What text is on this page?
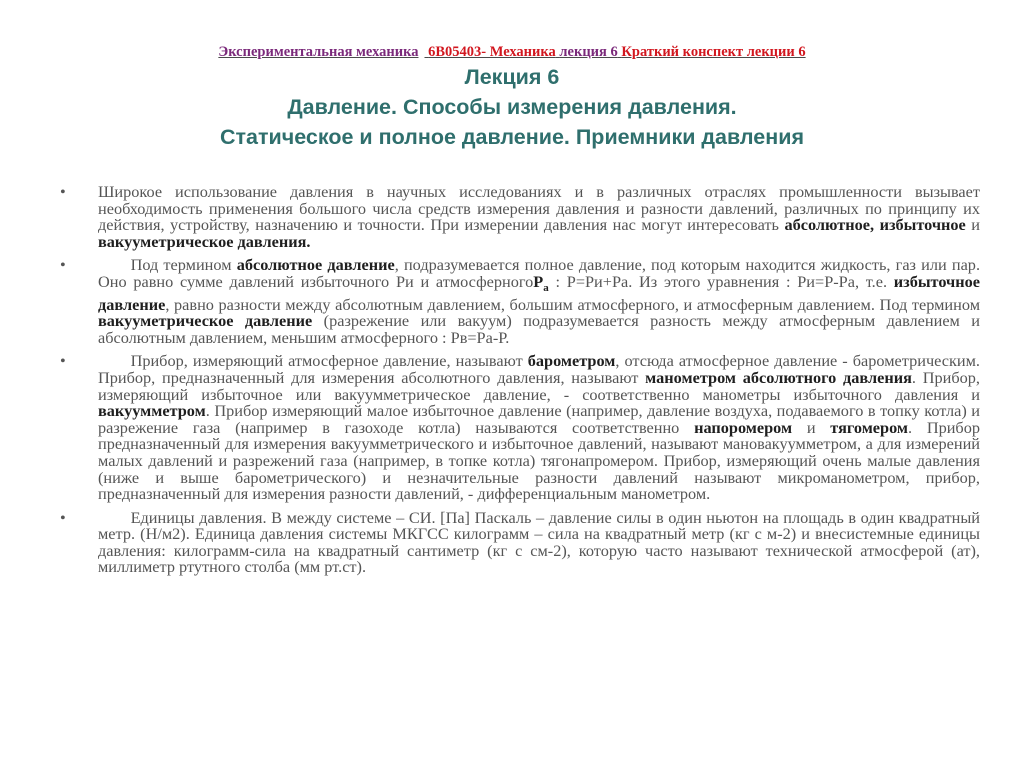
Экспериментальная механика 6В05403- Механика лекция 6 Краткий конспект лекции 6
Лекция 6
Давление. Способы измерения давления.
Статическое и полное давление. Приемники давления
•	Широкое использование давления в научных исследованиях и в различных отраслях промышленности вызывает необходимость применения большого числа средств измерения давления и разности давлений, различных по принципу их действия, устройству, назначению и точности. При измерении давления нас могут интересовать абсолютное, избыточное и вакуумeтрическое давления.
•
  	Под термином абсолютное давление, подразумевается полное давление, под которым находится жидкость, газ или пар. Оно равно сумме давлений избыточного Ри и атмосферногоP$_а$ : Р=Ри+Ра. Из этого уравнения : Ри=Р-Ра, т.е. избыточное давление, равно разности между абсолютным давлением, большим атмосферного, и атмосферным давлением. Под термином вакуумeтрическое давление (разрежение или вакуум) подразумевается разность между атмосферным давлением и абсолютным давлением, меньшим атмосферного : Рв=Ра-Р.
•
  	Прибор, измеряющий атмосферное давление, называют барометром, отсюда атмосферное давление - барометрическим. Прибор, предназначенный для измерения абсолютного давления, называют манометром абсолютного давления. Прибор, измеряющий избыточное или вакуумметрическое давление, - соответственно манометры избыточного давления и вакуумметром. Прибор измеряющий малое избыточное давление (например, давление воздуха, подаваемого в топку котла) и разрежение газа (например в газоходе котла) называются соответственно напоромером и тягомером. Прибор предназначенный для измерения вакуумметрического и избыточное давлений, называют мановакуумметром, а для измерений малых давлений и разрежений газа (например, в топке котла) тягонапромером. Прибор, измеряющий очень малые давления (ниже и выше барометрического) и незначительные разности давлений называют микроманометром, прибор, предназначенный для измерения разности давлений, - дифференциальным манометром.
•
  	Единицы давления. В между системе – СИ. [Па] Паскаль – давление силы в один ньютон на площадь в один квадратный метр. (Н/м2). Единица давления системы МКГСС килограмм – сила на квадратный метр (кг с м-2) и внесистемные единицы давления: килограмм-сила на квадратный сантиметр (кг с см-2), которую часто называют технической атмосферой (ат), миллиметр ртутного столба (мм рт.ст).
